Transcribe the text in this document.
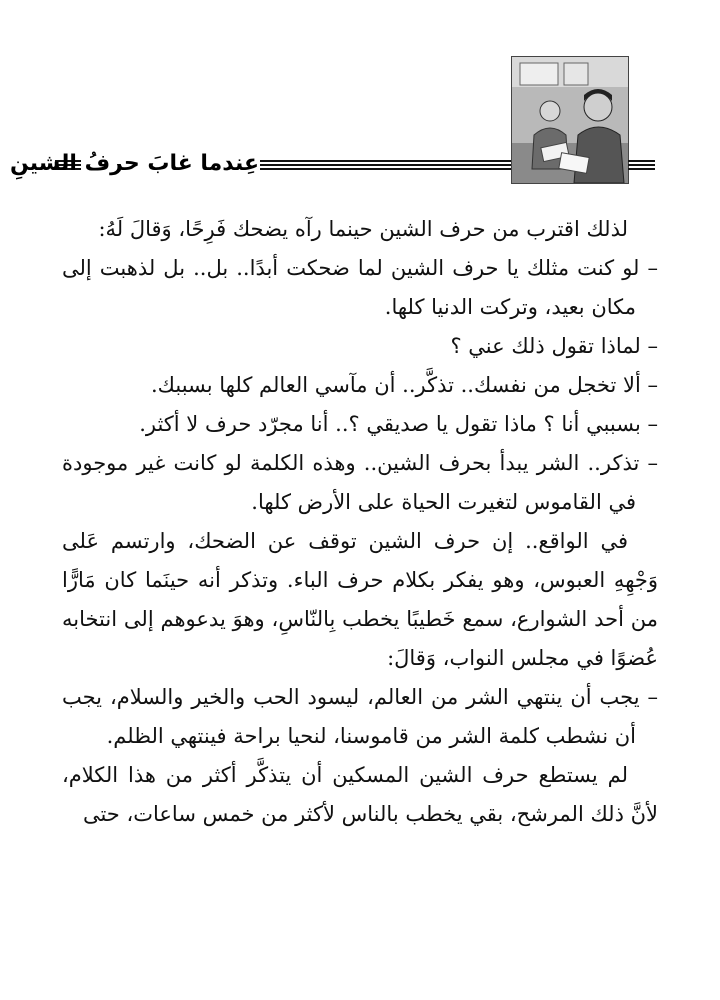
عِندما غابَ حرفُ الشينِ

لذلك اقترب من حرف الشين حينما رآه يضحك فَرِحًا، وَقالَ لَهُ:

– لو كنت مثلك يا حرف الشين لما ضحكت أبدًا.. بل.. بل لذهبت إلى مكان بعيد، وتركت الدنيا كلها.

– لماذا تقول ذلك عني ؟

– ألا تخجل من نفسك.. تذكَّر.. أن مآسي العالم كلها بسببك.

– بسببي أنا ؟ ماذا تقول يا صديقي ؟.. أنا مجرّد حرف لا أكثر.

– تذكر.. الشر يبدأ بحرف الشين.. وهذه الكلمة لو كانت غير موجودة في القاموس لتغيرت الحياة على الأرض كلها.

في الواقع.. إن حرف الشين توقف عن الضحك، وارتسم عَلى وَجْهِهِ العبوس، وهو يفكر بكلام حرف الباء. وتذكر أنه حينَما كان مَارًّا من أحد الشوارع، سمع خَطيبًا يخطب بِالنّاسِ، وهوَ يدعوهم إلى انتخابه عُضوًا في مجلس النواب، وَقالَ:

– يجب أن ينتهي الشر من العالم، ليسود الحب والخير والسلام، يجب أن نشطب كلمة الشر من قاموسنا، لنحيا براحة فينتهي الظلم.

لم يستطع حرف الشين المسكين أن يتذكَّر أكثر من هذا الكلام، لأنَّ ذلك المرشح، بقي يخطب بالناس لأكثر من خمس ساعات، حتى
